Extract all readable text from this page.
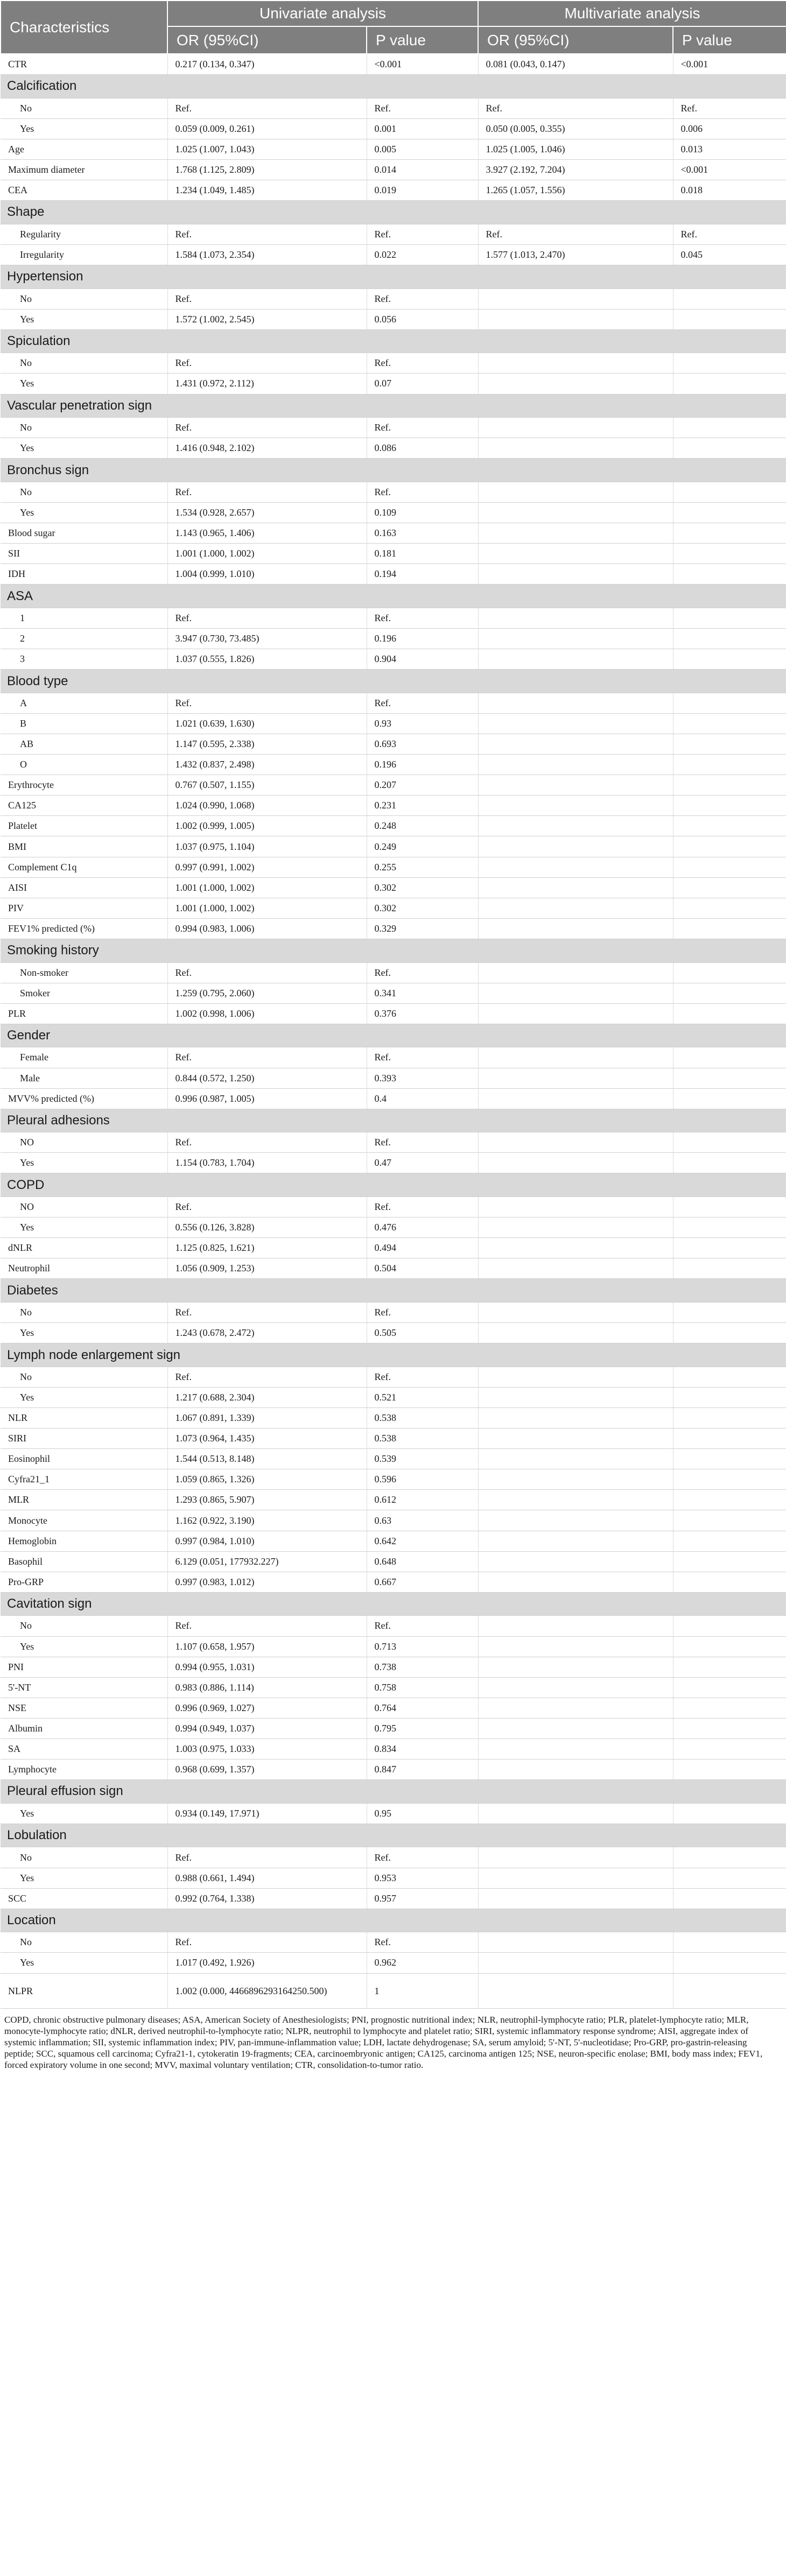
Characteristics	Univariate analysis		Multivariate analysis	
	OR (95%CI)	P value	OR (95%CI)	P value
CTR	0.217 (0.134, 0.347)	<0.001	0.081 (0.043, 0.147)	<0.001
Calcification				
No	Ref.	Ref.	Ref.	Ref.
Yes	0.059 (0.009, 0.261)	0.001	0.050 (0.005, 0.355)	0.006
Age	1.025 (1.007, 1.043)	0.005	1.025 (1.005, 1.046)	0.013
Maximum diameter	1.768 (1.125, 2.809)	0.014	3.927 (2.192, 7.204)	<0.001
CEA	1.234 (1.049, 1.485)	0.019	1.265 (1.057, 1.556)	0.018
Shape				
Regularity	Ref.	Ref.	Ref.	Ref.
Irregularity	1.584 (1.073, 2.354)	0.022	1.577 (1.013, 2.470)	0.045
Hypertension				
No	Ref.	Ref.		
Yes	1.572 (1.002, 2.545)	0.056		
Spiculation				
No	Ref.	Ref.		
Yes	1.431 (0.972, 2.112)	0.07		
Vascular penetration sign				
No	Ref.	Ref.		
Yes	1.416 (0.948, 2.102)	0.086		
Bronchus sign				
No	Ref.	Ref.		
Yes	1.534 (0.928, 2.657)	0.109		
Blood sugar	1.143 (0.965, 1.406)	0.163		
SII	1.001 (1.000, 1.002)	0.181		
IDH	1.004 (0.999, 1.010)	0.194		
ASA				
1	Ref.	Ref.		
2	3.947 (0.730, 73.485)	0.196		
3	1.037 (0.555, 1.826)	0.904		
Blood type				
A	Ref.	Ref.		
B	1.021 (0.639, 1.630)	0.93		
AB	1.147 (0.595, 2.338)	0.693		
O	1.432 (0.837, 2.498)	0.196		
Erythrocyte	0.767 (0.507, 1.155)	0.207		
CA125	1.024 (0.990, 1.068)	0.231		
Platelet	1.002 (0.999, 1.005)	0.248		
BMI	1.037 (0.975, 1.104)	0.249		
Complement C1q	0.997 (0.991, 1.002)	0.255		
AISI	1.001 (1.000, 1.002)	0.302		
PIV	1.001 (1.000, 1.002)	0.302		
FEV1% predicted (%)	0.994 (0.983, 1.006)	0.329		
Smoking history				
Non-smoker	Ref.	Ref.		
Smoker	1.259 (0.795, 2.060)	0.341		
PLR	1.002 (0.998, 1.006)	0.376		
Gender				
Female	Ref.	Ref.		
Male	0.844 (0.572, 1.250)	0.393		
MVV% predicted (%)	0.996 (0.987, 1.005)	0.4		
Pleural adhesions				
NO	Ref.	Ref.		
Yes	1.154 (0.783, 1.704)	0.47		
COPD				
NO	Ref.	Ref.		
Yes	0.556 (0.126, 3.828)	0.476		
dNLR	1.125 (0.825, 1.621)	0.494		
Neutrophil	1.056 (0.909, 1.253)	0.504		
Diabetes				
No	Ref.	Ref.		
Yes	1.243 (0.678, 2.472)	0.505		
Lymph node enlargement sign				
No	Ref.	Ref.		
Yes	1.217 (0.688, 2.304)	0.521		
NLR	1.067 (0.891, 1.339)	0.538		
SIRI	1.073 (0.964, 1.435)	0.538		
Eosinophil	1.544 (0.513, 8.148)	0.539		
Cyfra21_1	1.059 (0.865, 1.326)	0.596		
MLR	1.293 (0.865, 5.907)	0.612		
Monocyte	1.162 (0.922, 3.190)	0.63		
Hemoglobin	0.997 (0.984, 1.010)	0.642		
Basophil	6.129 (0.051, 177932.227)	0.648		
Pro-GRP	0.997 (0.983, 1.012)	0.667		
Cavitation sign				
No	Ref.	Ref.		
Yes	1.107 (0.658, 1.957)	0.713		
PNI	0.994 (0.955, 1.031)	0.738		
5'-NT	0.983 (0.886, 1.114)	0.758		
NSE	0.996 (0.969, 1.027)	0.764		
Albumin	0.994 (0.949, 1.037)	0.795		
SA	1.003 (0.975, 1.033)	0.834		
Lymphocyte	0.968 (0.699, 1.357)	0.847		
Pleural effusion sign				
Yes	0.934 (0.149, 17.971)	0.95		
Lobulation				
No	Ref.	Ref.		
Yes	0.988 (0.661, 1.494)	0.953		
SCC	0.992 (0.764, 1.338)	0.957		
Location				
No	Ref.	Ref.		
Yes	1.017 (0.492, 1.926)	0.962		
NLPR	1.002 (0.000, 4466896293164250.500)	1		
COPD, chronic obstructive pulmonary diseases; ASA, American Society of Anesthesiologists; PNI, prognostic nutritional index; NLR, neutrophil-lymphocyte ratio; PLR, platelet-lymphocyte ratio; MLR, monocyte-lymphocyte ratio; dNLR, derived neutrophil-to-lymphocyte ratio; NLPR, neutrophil to lymphocyte and platelet ratio; SIRI, systemic inflammatory response syndrome; AISI, aggregate index of systemic inflammation; SII, systemic inflammation index; PIV, pan-immune-inflammation value; LDH, lactate dehydrogenase; SA, serum amyloid; 5'-NT, 5'-nucleotidase; Pro-GRP, pro-gastrin-releasing peptide; SCC, squamous cell carcinoma; Cyfra21-1, cytokeratin 19-fragments; CEA, carcinoembryonic antigen; CA125, carcinoma antigen 125; NSE, neuron-specific enolase; BMI, body mass index; FEV1, forced expiratory volume in one second; MVV, maximal voluntary ventilation; CTR, consolidation-to-tumor ratio.
